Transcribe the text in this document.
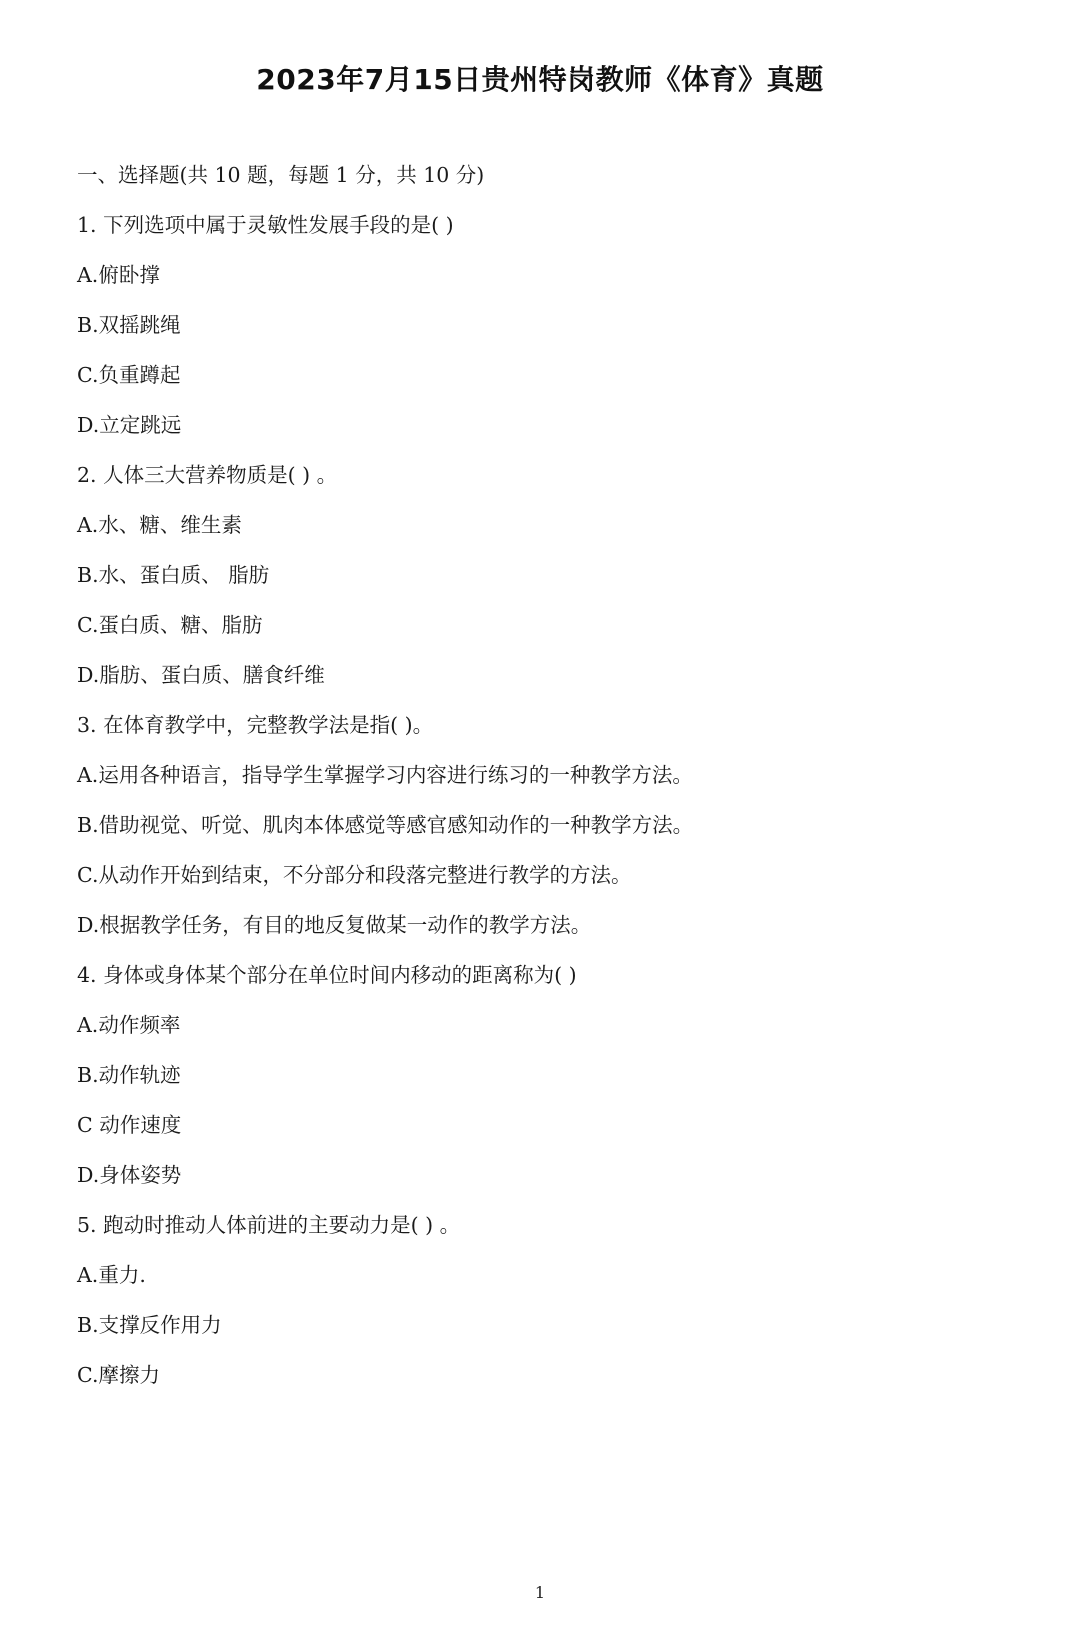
2023年7月15日贵州特岗教师《体育》真题
一、选择题(共 10 题，每题 1 分，共 10 分)
1. 下列选项中属于灵敏性发展手段的是( )
A.俯卧撑
B.双摇跳绳
C.负重蹲起
D.立定跳远
2. 人体三大营养物质是( ) 。
A.水、糖、维生素
B.水、蛋白质、 脂肪
C.蛋白质、糖、脂肪
D.脂肪、蛋白质、膳食纤维
3. 在体育教学中，完整教学法是指( )。
A.运用各种语言，指导学生掌握学习内容进行练习的一种教学方法。
B.借助视觉、听觉、肌肉本体感觉等感官感知动作的一种教学方法。
C.从动作开始到结束，不分部分和段落完整进行教学的方法。
D.根据教学任务，有目的地反复做某一动作的教学方法。
4. 身体或身体某个部分在单位时间内移动的距离称为( )
A.动作频率
B.动作轨迹
C 动作速度
D.身体姿势
5. 跑动时推动人体前进的主要动力是( ) 。
A.重力.
B.支撑反作用力
C.摩擦力
1
